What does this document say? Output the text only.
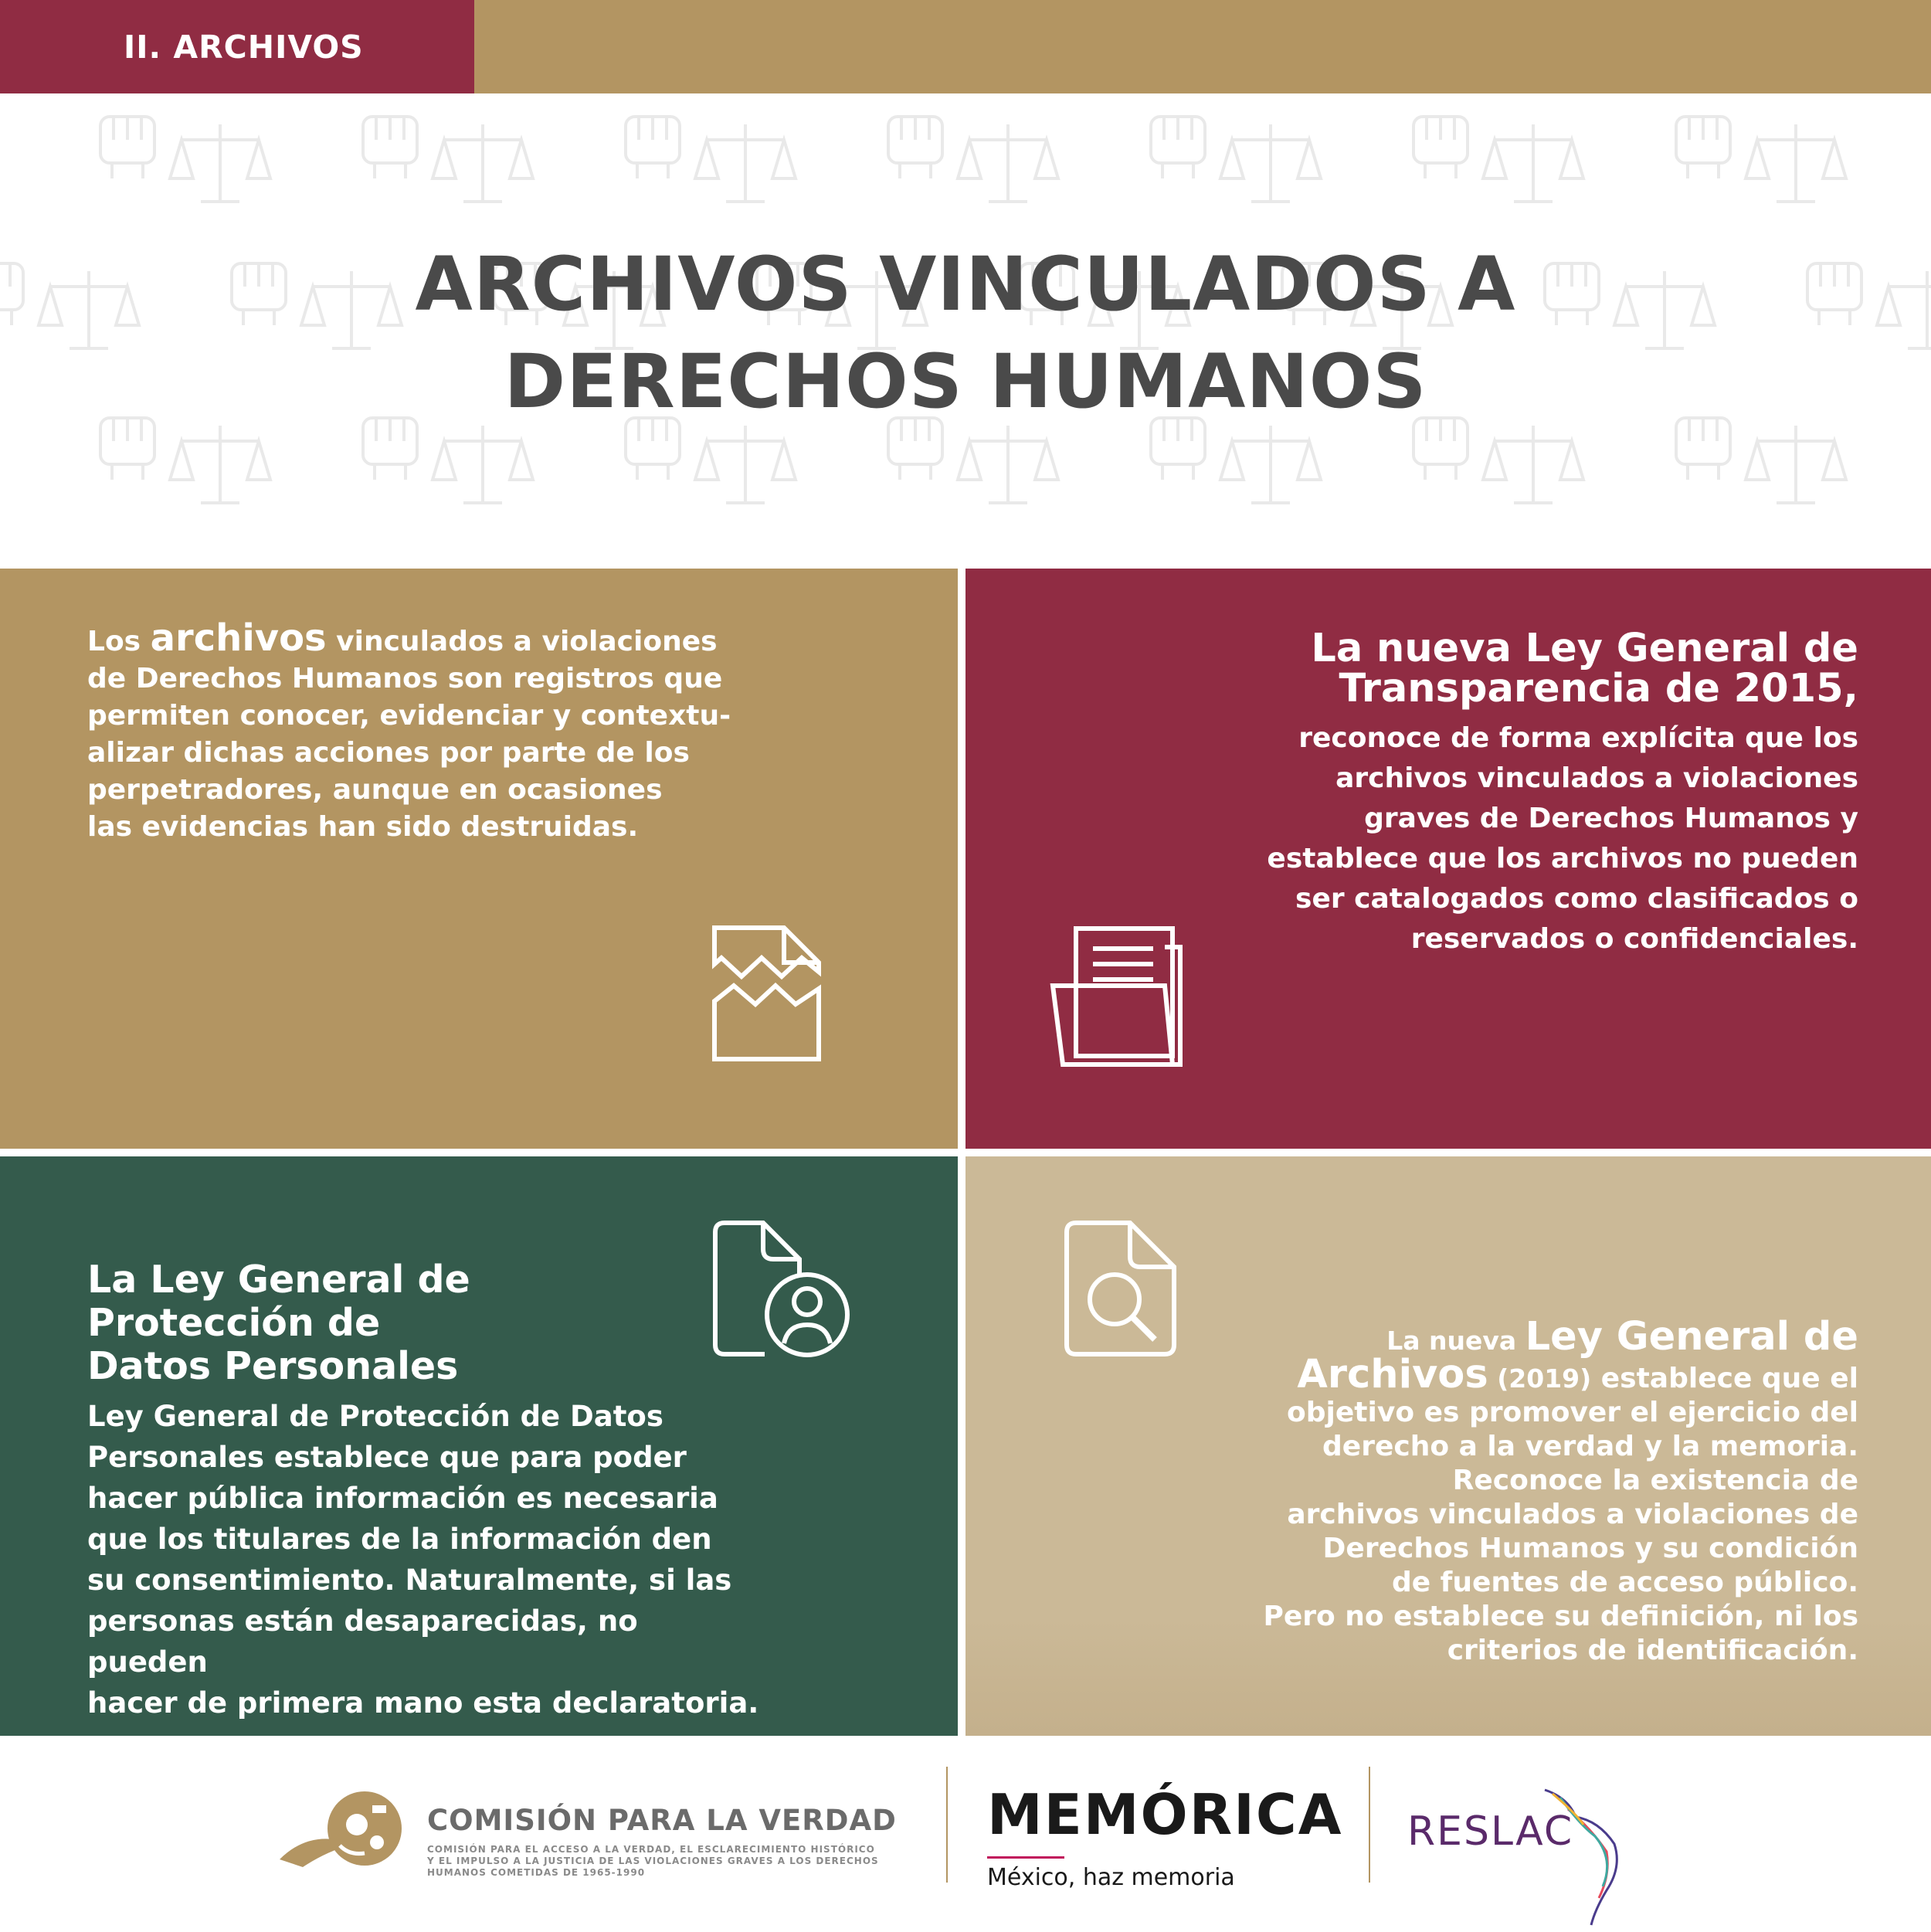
II. ARCHIVOS
ARCHIVOS VINCULADOS A
DERECHOS HUMANOS
Los archivos vinculados a violaciones
de Derechos Humanos son registros que
permiten conocer, evidenciar y contextu-
alizar dichas acciones por parte de los
perpetradores, aunque en ocasiones
las evidencias han sido destruidas.
La nueva Ley General de
Transparencia de 2015,
reconoce de forma explícita que los
archivos vinculados a violaciones
graves de Derechos Humanos y
establece que los archivos no pueden
ser catalogados como clasificados o
reservados o confidenciales.
La Ley General de
Protección de
Datos Personales
Ley General de Protección de Datos
Personales establece que para poder
hacer pública información es necesaria
que los titulares de la información den
su consentimiento. Naturalmente, si las
personas están desaparecidas, no pueden
hacer de primera mano esta declaratoria.
La nueva Ley General de
Archivos (2019) establece que el
objetivo es promover el ejercicio del
derecho a la verdad y la memoria.
Reconoce la existencia de
archivos vinculados a violaciones de
Derechos Humanos y su condición
de fuentes de acceso público.
Pero no establece su definición, ni los
criterios de identificación.
COMISIÓN PARA LA VERDAD
COMISIÓN PARA EL ACCESO A LA VERDAD, EL ESCLARECIMIENTO HISTÓRICO
Y EL IMPULSO A LA JUSTICIA DE LAS VIOLACIONES GRAVES A LOS DERECHOS
HUMANOS COMETIDAS DE 1965-1990
MEMÓRICA
México, haz memoria
RESLAC
